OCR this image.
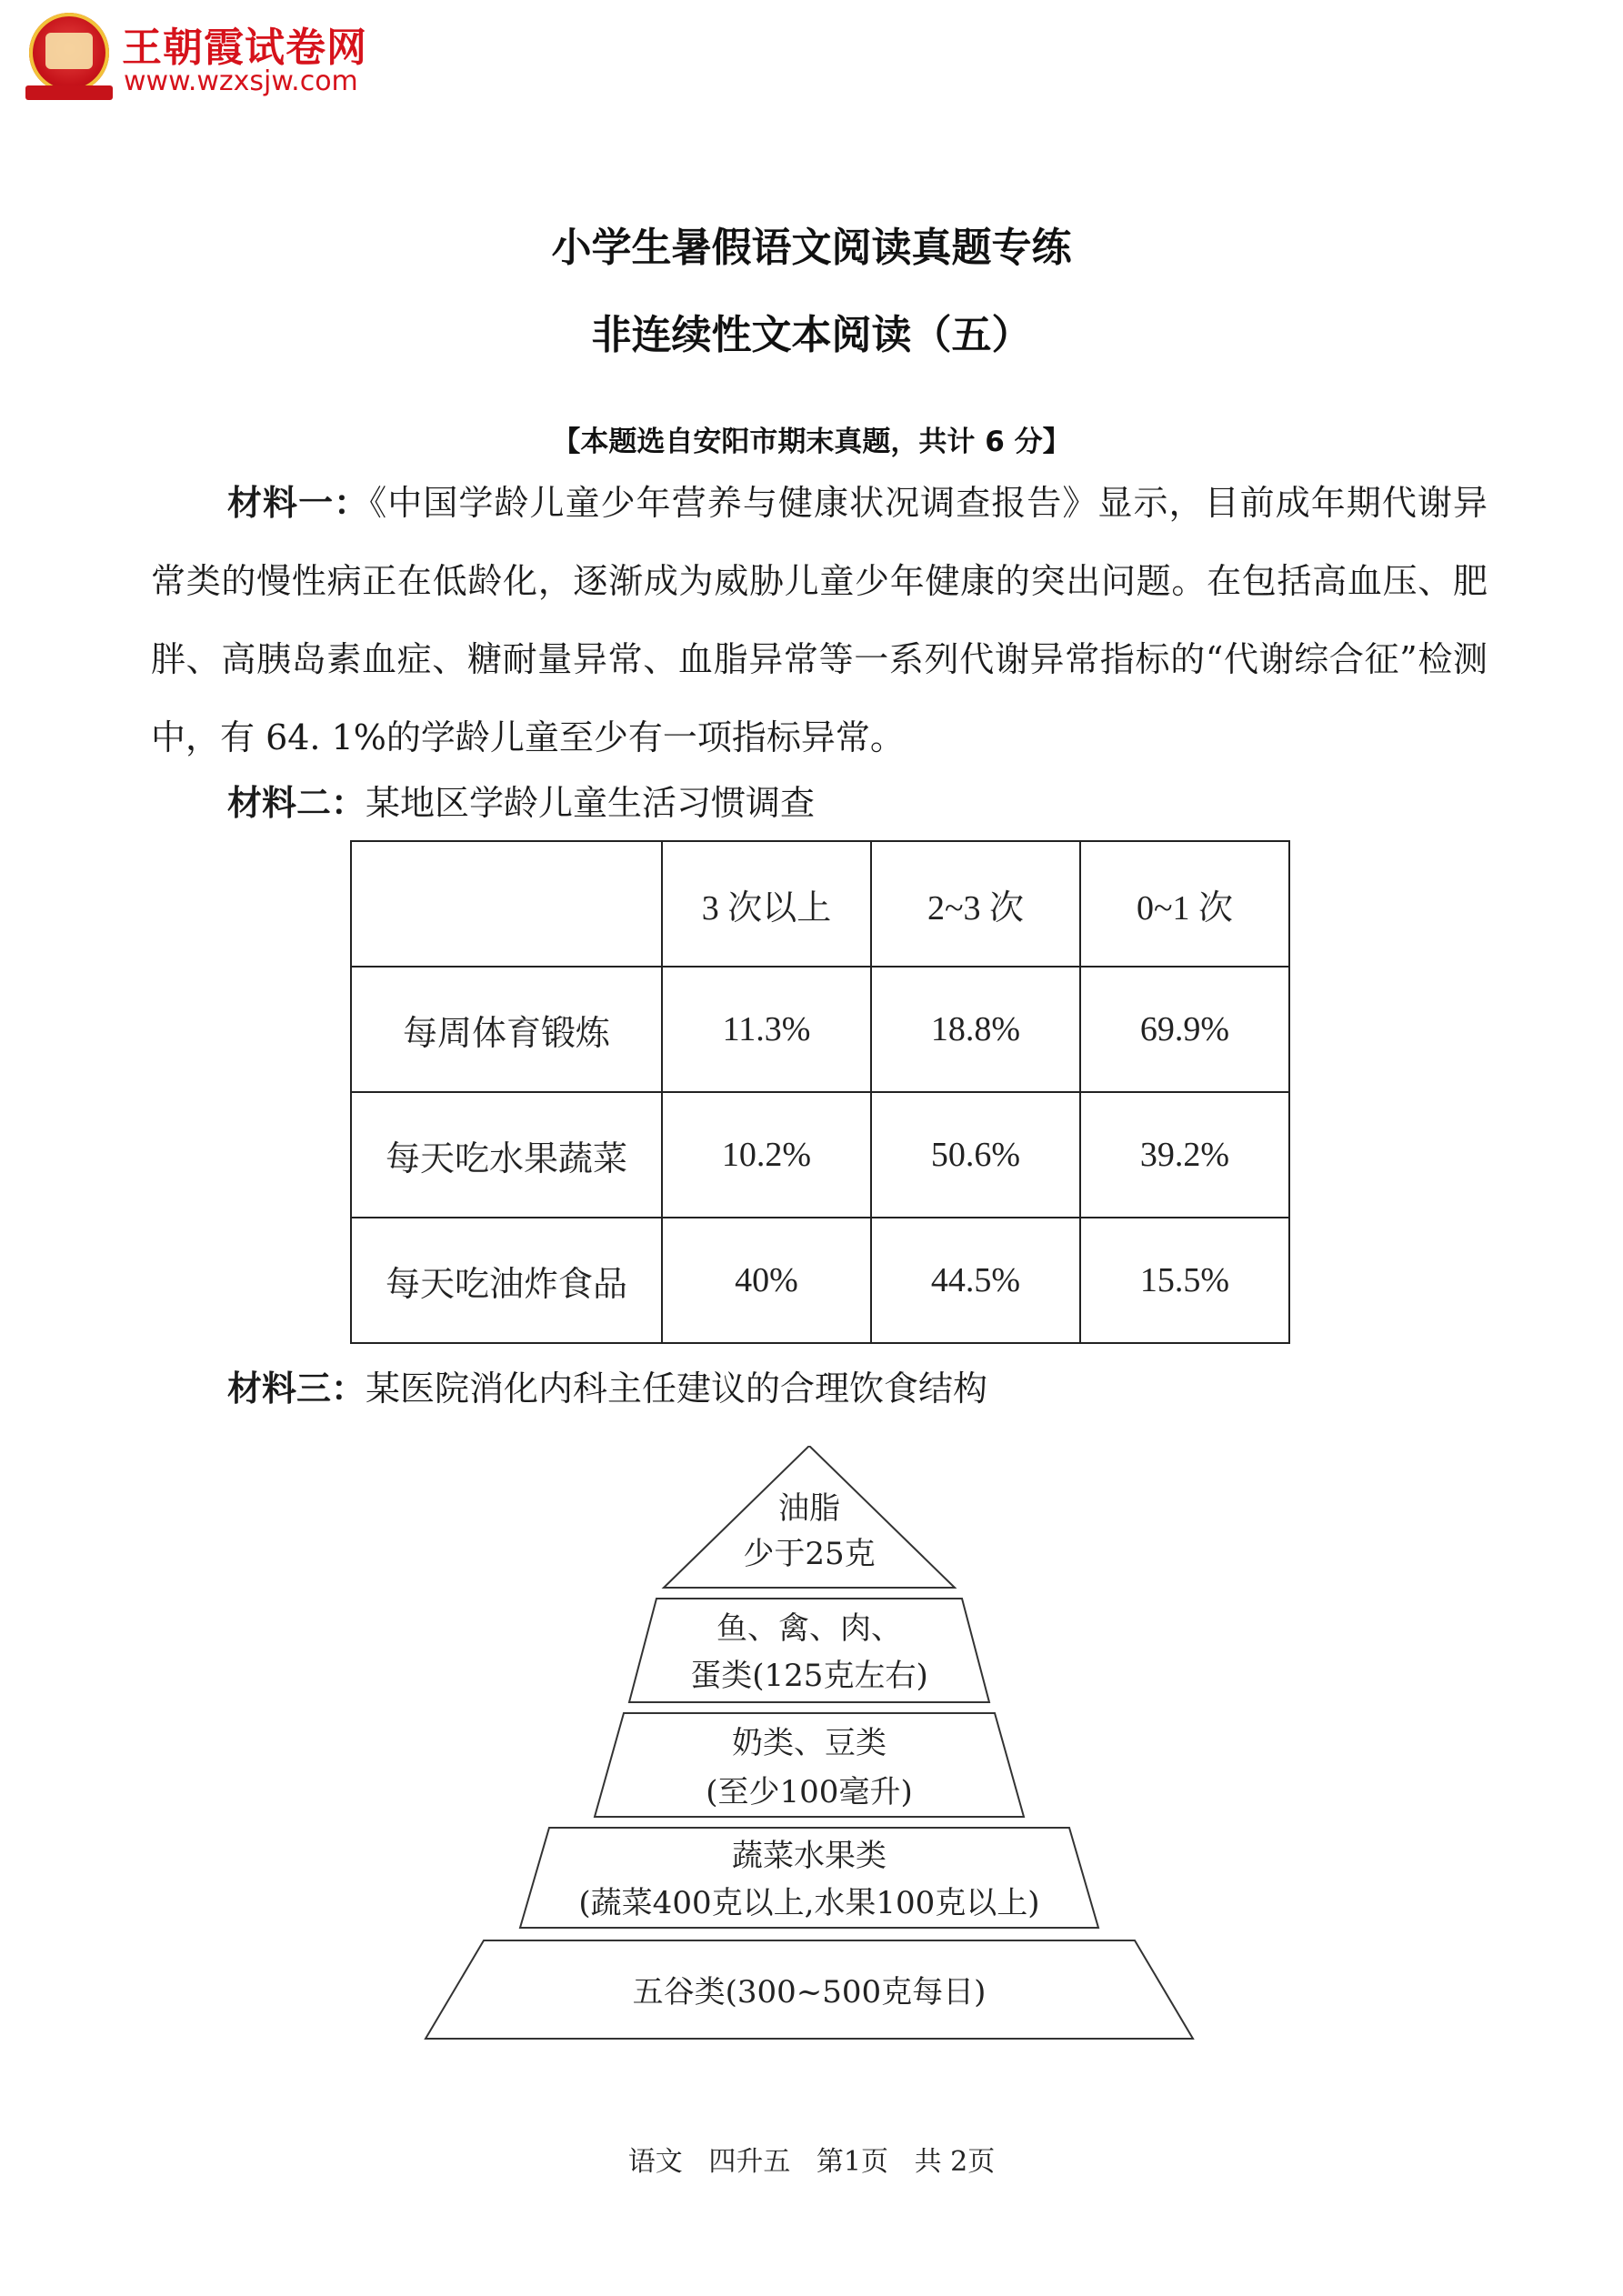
王朝霞试卷网
www.wzxsjw.com
小学生暑假语文阅读真题专练
非连续性文本阅读（五）
【本题选自安阳市期末真题，共计 6 分】
材料一：《中国学龄儿童少年营养与健康状况调查报告》显示，目前成年期代谢异常类的慢性病正在低龄化，逐渐成为威胁儿童少年健康的突出问题。在包括高血压、肥胖、高胰岛素血症、糖耐量异常、血脂异常等一系列代谢异常指标的“代谢综合征”检测中，有 64. 1%的学龄儿童至少有一项指标异常。
材料二：某地区学龄儿童生活习惯调查
	3 次以上	2~3 次	0~1 次
每周体育锻炼	11.3%	18.8%	69.9%
每天吃水果蔬菜	10.2%	50.6%	39.2%
每天吃油炸食品	40%	44.5%	15.5%
材料三：某医院消化内科主任建议的合理饮食结构
油脂
少于25克
鱼、禽、肉、
蛋类(125克左右)
奶类、豆类
(至少100毫升)
蔬菜水果类
(蔬菜400克以上,水果100克以上)
五谷类(300~500克每日)
语文   四升五   第1页   共 2页
